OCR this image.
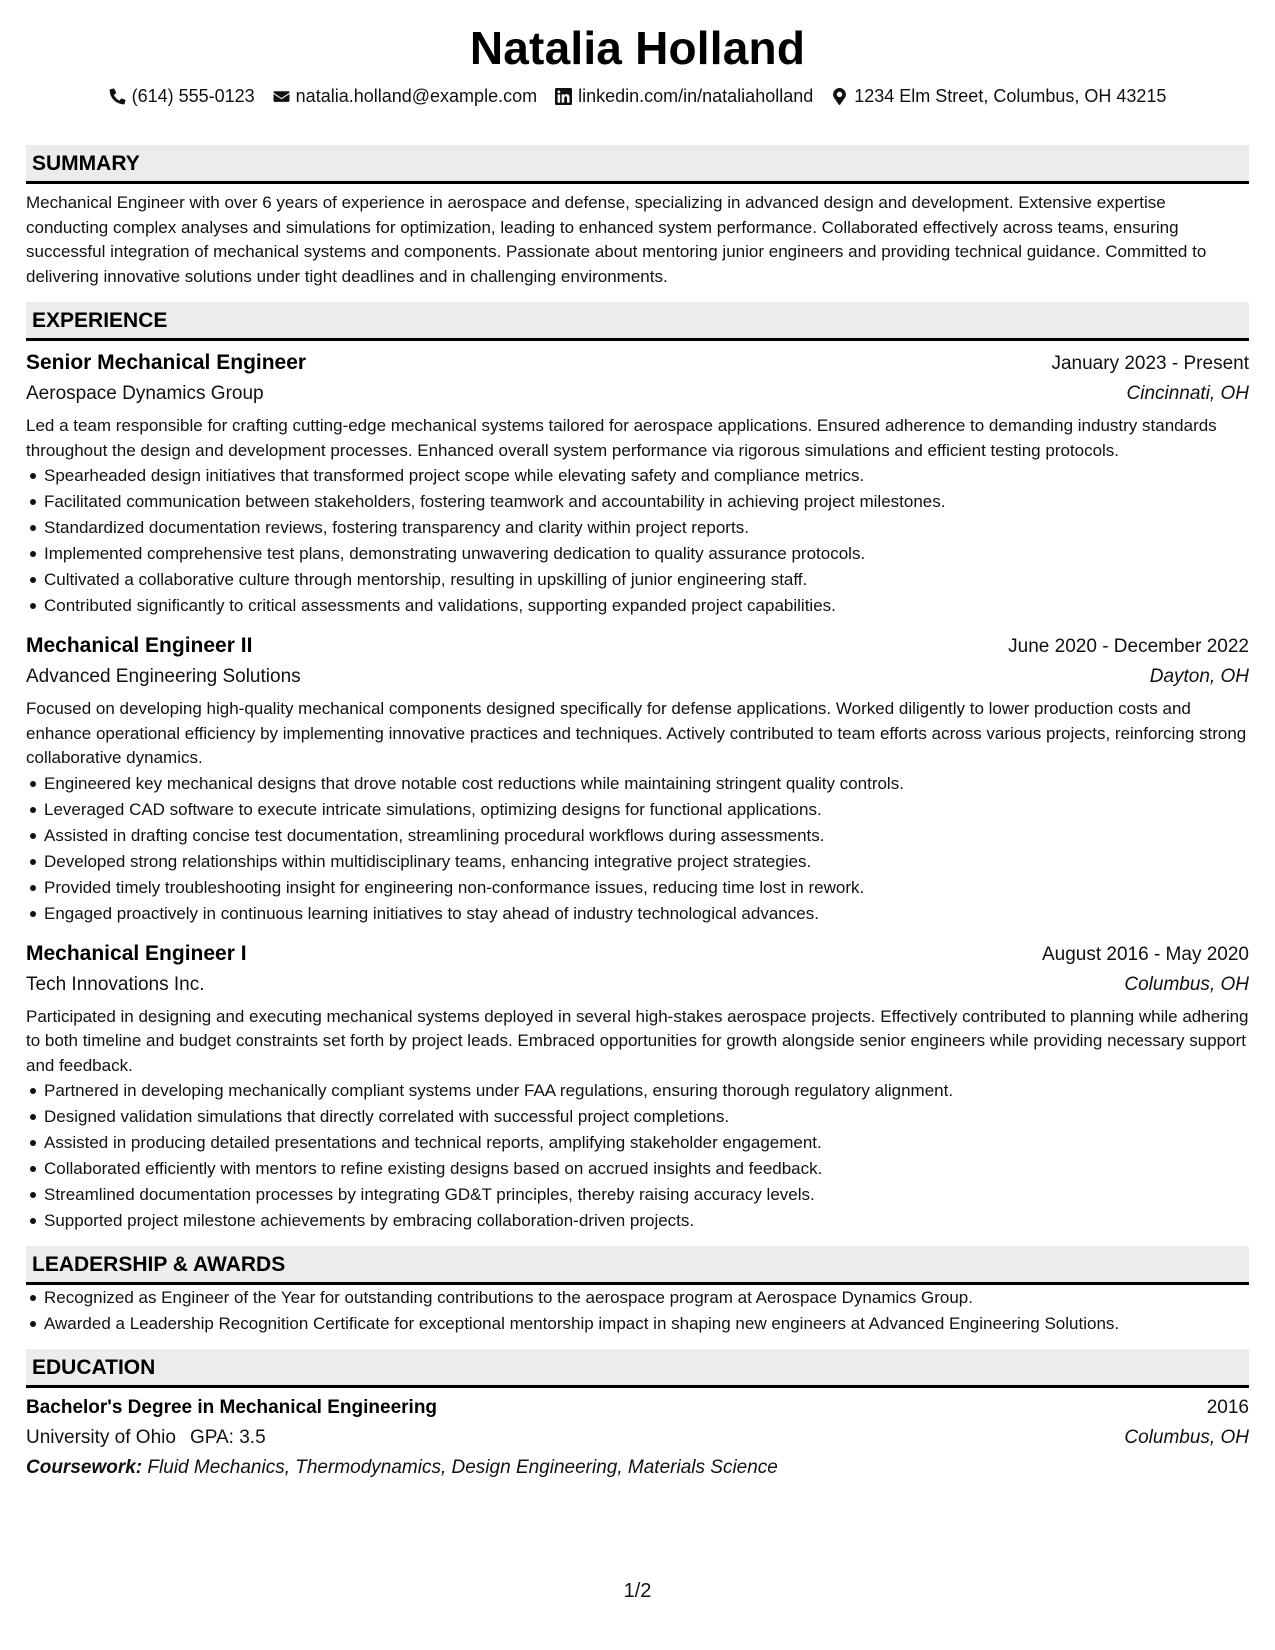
Natalia Holland
(614) 555-0123 natalia.holland@example.com linkedin.com/in/nataliaholland 1234 Elm Street, Columbus, OH 43215
SUMMARY
Mechanical Engineer with over 6 years of experience in aerospace and defense, specializing in advanced design and development. Extensive expertise conducting complex analyses and simulations for optimization, leading to enhanced system performance. Collaborated effectively across teams, ensuring successful integration of mechanical systems and components. Passionate about mentoring junior engineers and providing technical guidance. Committed to delivering innovative solutions under tight deadlines and in challenging environments.
EXPERIENCE
Senior Mechanical Engineer	January 2023 - Present
Aerospace Dynamics Group	Cincinnati, OH
Led a team responsible for crafting cutting-edge mechanical systems tailored for aerospace applications. Ensured adherence to demanding industry standards throughout the design and development processes. Enhanced overall system performance via rigorous simulations and efficient testing protocols.
Spearheaded design initiatives that transformed project scope while elevating safety and compliance metrics.
Facilitated communication between stakeholders, fostering teamwork and accountability in achieving project milestones.
Standardized documentation reviews, fostering transparency and clarity within project reports.
Implemented comprehensive test plans, demonstrating unwavering dedication to quality assurance protocols.
Cultivated a collaborative culture through mentorship, resulting in upskilling of junior engineering staff.
Contributed significantly to critical assessments and validations, supporting expanded project capabilities.
Mechanical Engineer II	June 2020 - December 2022
Advanced Engineering Solutions	Dayton, OH
Focused on developing high-quality mechanical components designed specifically for defense applications. Worked diligently to lower production costs and enhance operational efficiency by implementing innovative practices and techniques. Actively contributed to team efforts across various projects, reinforcing strong collaborative dynamics.
Engineered key mechanical designs that drove notable cost reductions while maintaining stringent quality controls.
Leveraged CAD software to execute intricate simulations, optimizing designs for functional applications.
Assisted in drafting concise test documentation, streamlining procedural workflows during assessments.
Developed strong relationships within multidisciplinary teams, enhancing integrative project strategies.
Provided timely troubleshooting insight for engineering non-conformance issues, reducing time lost in rework.
Engaged proactively in continuous learning initiatives to stay ahead of industry technological advances.
Mechanical Engineer I	August 2016 - May 2020
Tech Innovations Inc.	Columbus, OH
Participated in designing and executing mechanical systems deployed in several high-stakes aerospace projects. Effectively contributed to planning while adhering to both timeline and budget constraints set forth by project leads. Embraced opportunities for growth alongside senior engineers while providing necessary support and feedback.
Partnered in developing mechanically compliant systems under FAA regulations, ensuring thorough regulatory alignment.
Designed validation simulations that directly correlated with successful project completions.
Assisted in producing detailed presentations and technical reports, amplifying stakeholder engagement.
Collaborated efficiently with mentors to refine existing designs based on accrued insights and feedback.
Streamlined documentation processes by integrating GD&T principles, thereby raising accuracy levels.
Supported project milestone achievements by embracing collaboration-driven projects.
LEADERSHIP & AWARDS
Recognized as Engineer of the Year for outstanding contributions to the aerospace program at Aerospace Dynamics Group.
Awarded a Leadership Recognition Certificate for exceptional mentorship impact in shaping new engineers at Advanced Engineering Solutions.
EDUCATION
Bachelor's Degree in Mechanical Engineering	2016
University of Ohio GPA: 3.5	Columbus, OH
Coursework: Fluid Mechanics, Thermodynamics, Design Engineering, Materials Science
1/2
